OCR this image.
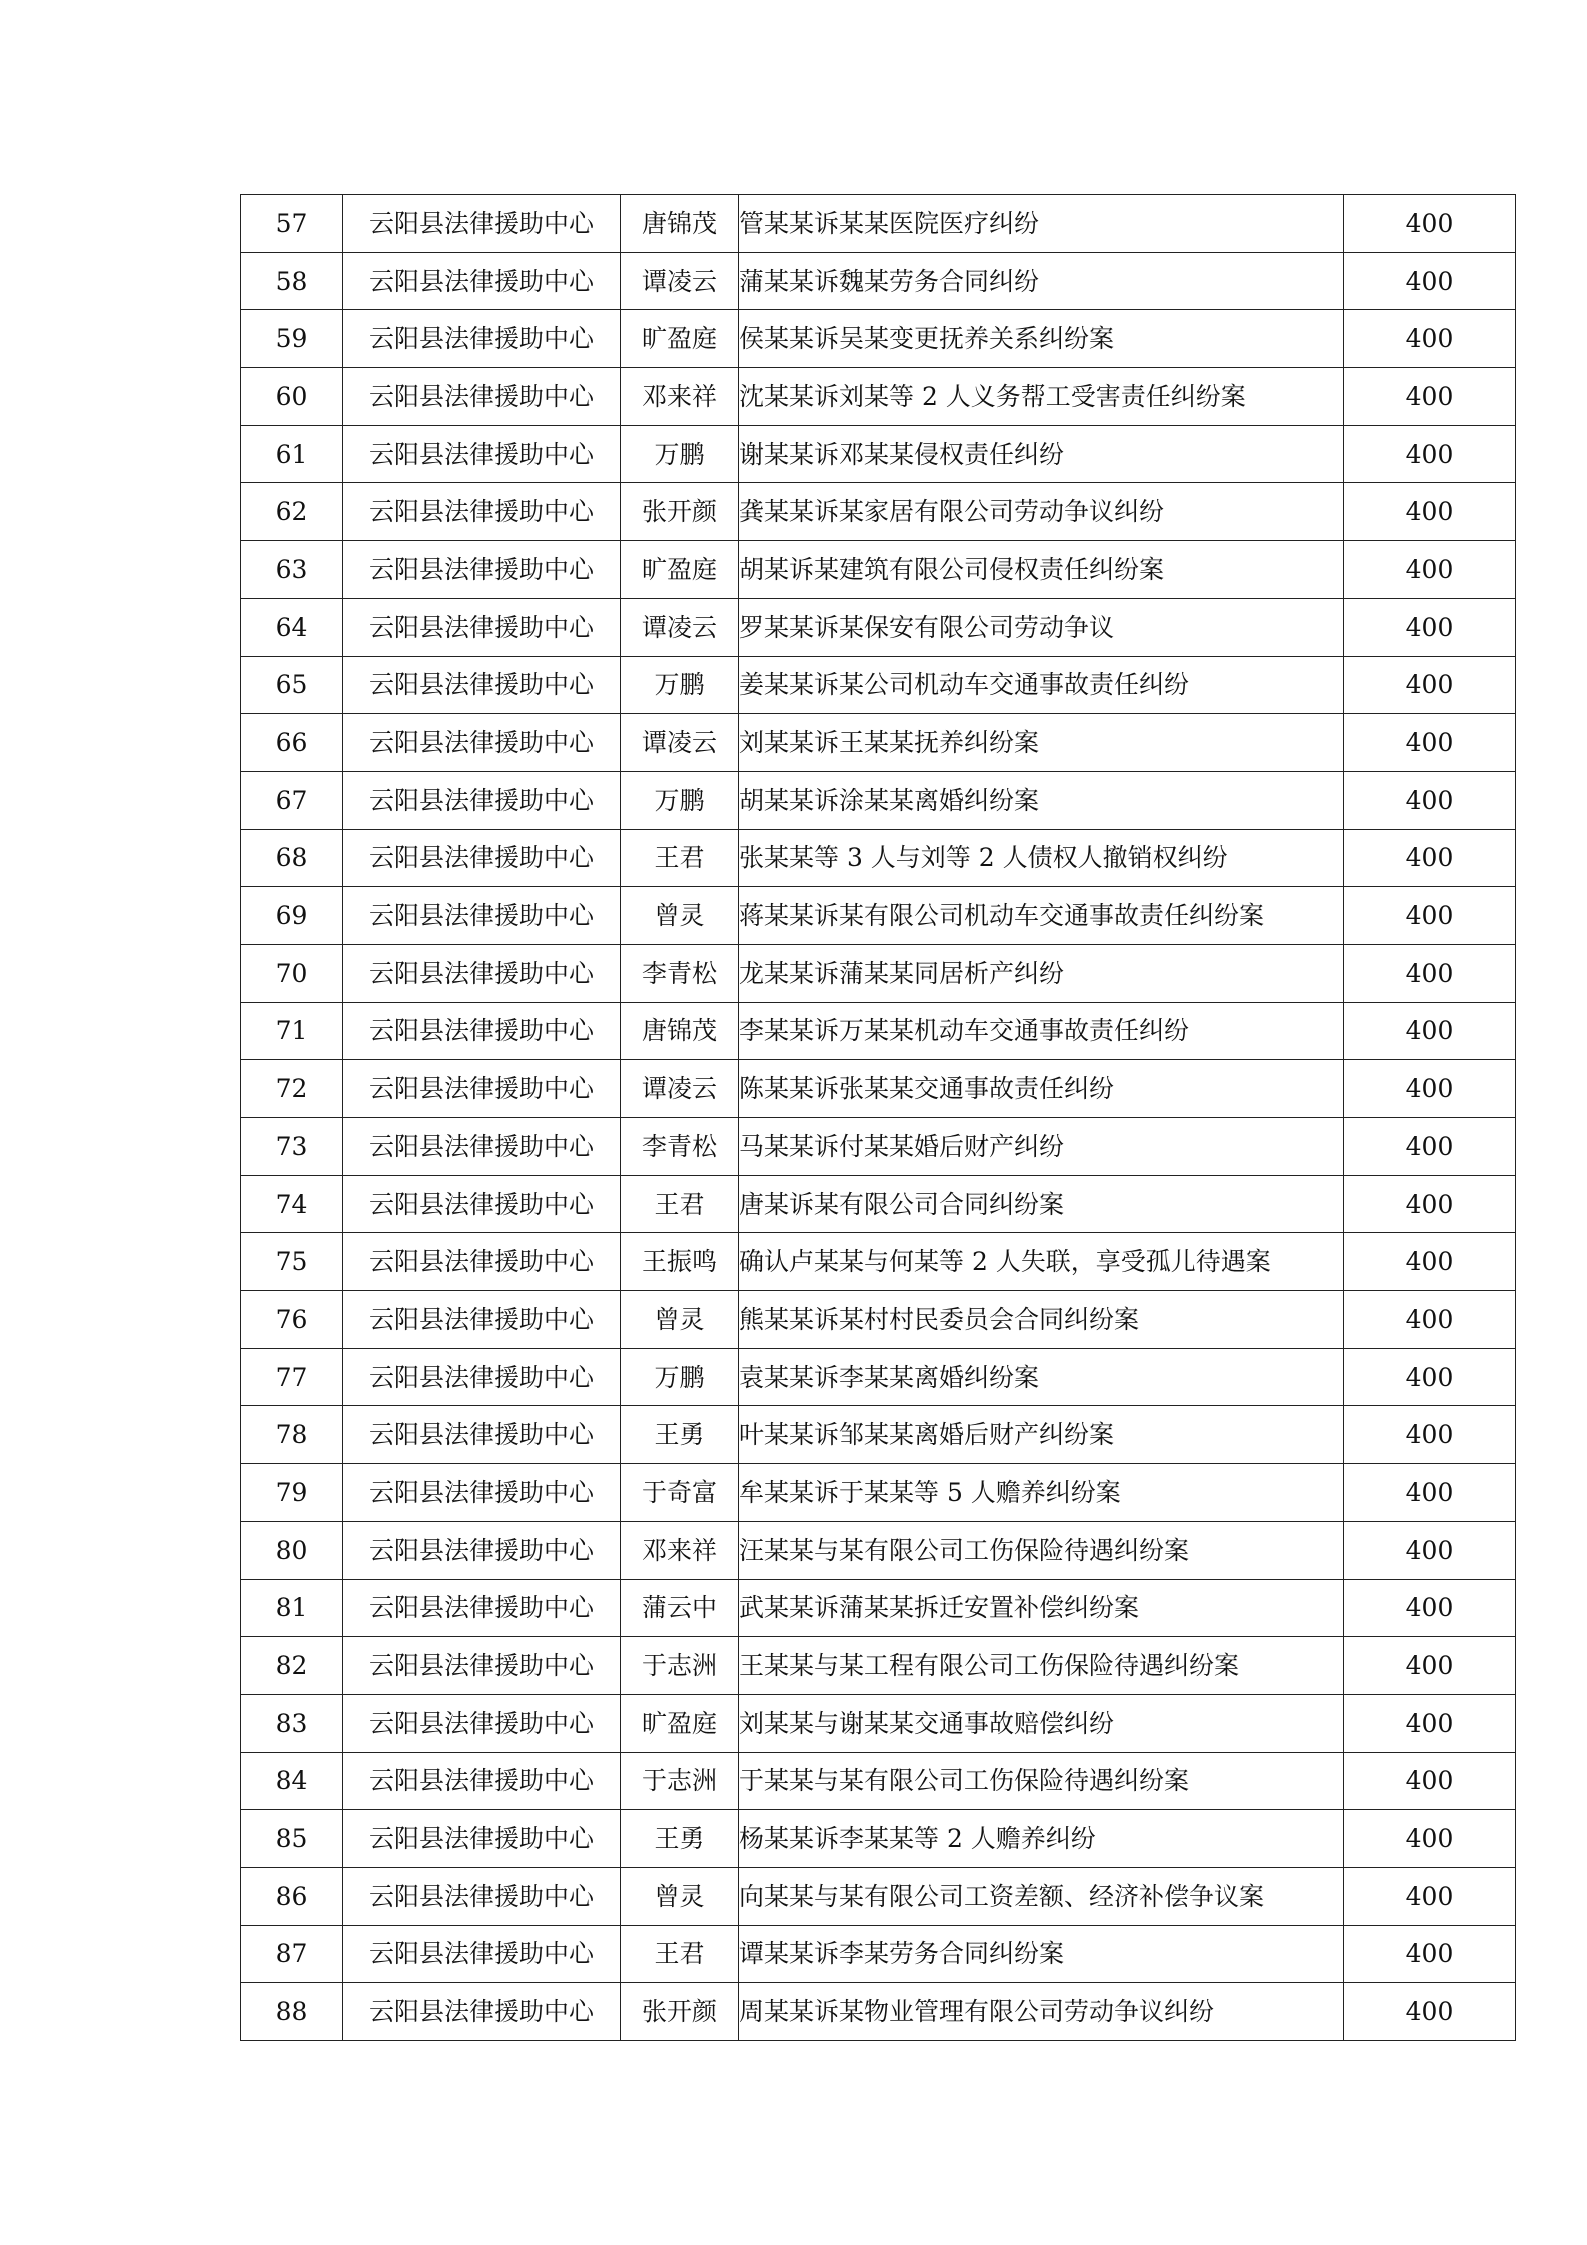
57	云阳县法律援助中心	唐锦茂	管某某诉某某医院医疗纠纷	400
58	云阳县法律援助中心	谭凌云	蒲某某诉魏某劳务合同纠纷	400
59	云阳县法律援助中心	旷盈庭	侯某某诉吴某变更抚养关系纠纷案	400
60	云阳县法律援助中心	邓来祥	沈某某诉刘某等 2 人义务帮工受害责任纠纷案	400
61	云阳县法律援助中心	万鹏	谢某某诉邓某某侵权责任纠纷	400
62	云阳县法律援助中心	张开颜	龚某某诉某家居有限公司劳动争议纠纷	400
63	云阳县法律援助中心	旷盈庭	胡某诉某建筑有限公司侵权责任纠纷案	400
64	云阳县法律援助中心	谭凌云	罗某某诉某保安有限公司劳动争议	400
65	云阳县法律援助中心	万鹏	姜某某诉某公司机动车交通事故责任纠纷	400
66	云阳县法律援助中心	谭凌云	刘某某诉王某某抚养纠纷案	400
67	云阳县法律援助中心	万鹏	胡某某诉涂某某离婚纠纷案	400
68	云阳县法律援助中心	王君	张某某等 3 人与刘等 2 人债权人撤销权纠纷	400
69	云阳县法律援助中心	曾灵	蒋某某诉某有限公司机动车交通事故责任纠纷案	400
70	云阳县法律援助中心	李青松	龙某某诉蒲某某同居析产纠纷	400
71	云阳县法律援助中心	唐锦茂	李某某诉万某某机动车交通事故责任纠纷	400
72	云阳县法律援助中心	谭凌云	陈某某诉张某某交通事故责任纠纷	400
73	云阳县法律援助中心	李青松	马某某诉付某某婚后财产纠纷	400
74	云阳县法律援助中心	王君	唐某诉某有限公司合同纠纷案	400
75	云阳县法律援助中心	王振鸣	确认卢某某与何某等 2 人失联，享受孤儿待遇案	400
76	云阳县法律援助中心	曾灵	熊某某诉某村村民委员会合同纠纷案	400
77	云阳县法律援助中心	万鹏	袁某某诉李某某离婚纠纷案	400
78	云阳县法律援助中心	王勇	叶某某诉邹某某离婚后财产纠纷案	400
79	云阳县法律援助中心	于奇富	牟某某诉于某某等 5 人赡养纠纷案	400
80	云阳县法律援助中心	邓来祥	汪某某与某有限公司工伤保险待遇纠纷案	400
81	云阳县法律援助中心	蒲云中	武某某诉蒲某某拆迁安置补偿纠纷案	400
82	云阳县法律援助中心	于志洲	王某某与某工程有限公司工伤保险待遇纠纷案	400
83	云阳县法律援助中心	旷盈庭	刘某某与谢某某交通事故赔偿纠纷	400
84	云阳县法律援助中心	于志洲	于某某与某有限公司工伤保险待遇纠纷案	400
85	云阳县法律援助中心	王勇	杨某某诉李某某等 2 人赡养纠纷	400
86	云阳县法律援助中心	曾灵	向某某与某有限公司工资差额、经济补偿争议案	400
87	云阳县法律援助中心	王君	谭某某诉李某劳务合同纠纷案	400
88	云阳县法律援助中心	张开颜	周某某诉某物业管理有限公司劳动争议纠纷	400
